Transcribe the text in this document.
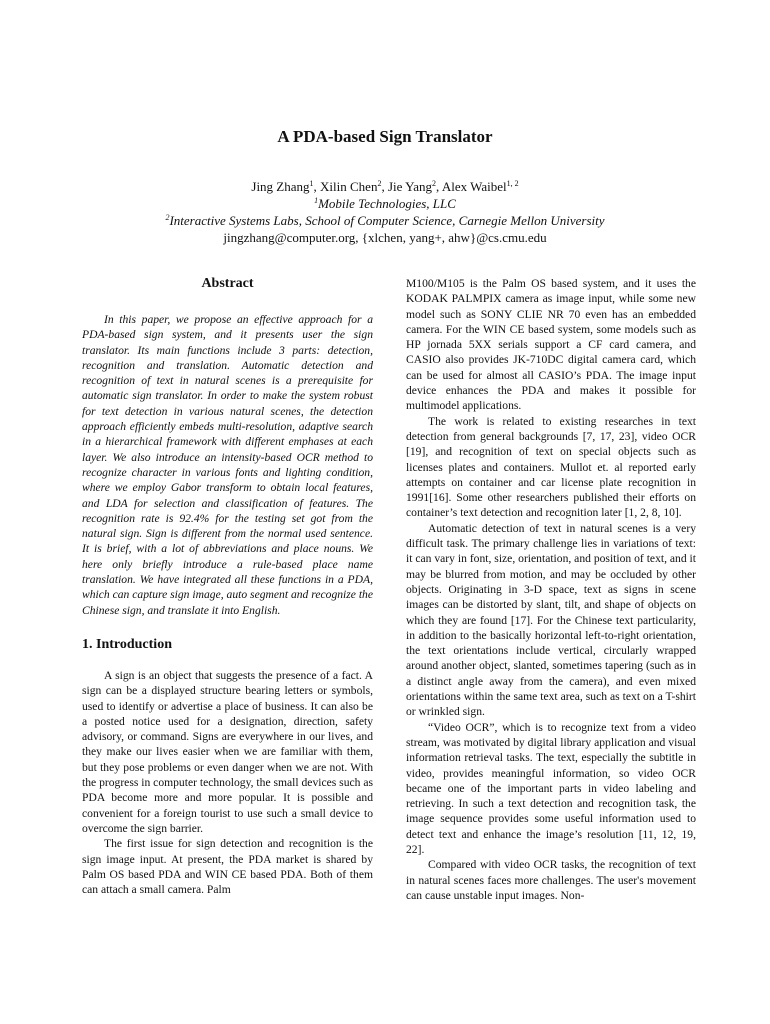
A PDA-based Sign Translator
Jing Zhang$^1$, Xilin Chen$^2$, Jie Yang$^2$, Alex Waibel$^{1, 2}$
$^1$Mobile Technologies, LLC
$^2$Interactive Systems Labs, School of Computer Science, Carnegie Mellon University
jingzhang@computer.org, {xlchen, yang+, ahw}@cs.cmu.edu
Abstract

In this paper, we propose an effective approach for a PDA-based sign system, and it presents user the sign translator. Its main functions include 3 parts: detection, recognition and translation. Automatic detection and recognition of text in natural scenes is a prerequisite for automatic sign translator. In order to make the system robust for text detection in various natural scenes, the detection approach efficiently embeds multi-resolution, adaptive search in a hierarchical framework with different emphases at each layer. We also introduce an intensity-based OCR method to recognize character in various fonts and lighting condition, where we employ Gabor transform to obtain local features, and LDA for selection and classification of features. The recognition rate is 92.4% for the testing set got from the natural sign. Sign is different from the normal used sentence. It is brief, with a lot of abbreviations and place nouns. We here only briefly introduce a rule-based place name translation. We have integrated all these functions in a PDA, which can capture sign image, auto segment and recognize the Chinese sign, and translate it into English.

1. Introduction

A sign is an object that suggests the presence of a fact. A sign can be a displayed structure bearing letters or symbols, used to identify or advertise a place of business. It can also be a posted notice used for a designation, direction, safety advisory, or command. Signs are everywhere in our lives, and they make our lives easier when we are familiar with them, but they pose problems or even danger when we are not. With the progress in computer technology, the small devices such as PDA become more and more popular. It is possible and convenient for a foreign tourist to use such a small device to overcome the sign barrier.

The first issue for sign detection and recognition is the sign image input. At present, the PDA market is shared by Palm OS based PDA and WIN CE based PDA. Both of them can attach a small camera. Palm

M100/M105 is the Palm OS based system, and it uses the KODAK PALMPIX camera as image input, while some new model such as SONY CLIE NR 70 even has an embedded camera. For the WIN CE based system, some models such as HP jornada 5XX serials support a CF card camera, and CASIO also provides JK-710DC digital camera card, which can be used for almost all CASIO’s PDA. The image input device enhances the PDA and makes it possible for multimodel applications.

The work is related to existing researches in text detection from general backgrounds [7, 17, 23], video OCR [19], and recognition of text on special objects such as licenses plates and containers. Mullot et. al reported early attempts on container and car license plate recognition in 1991[16]. Some other researchers published their efforts on container’s text detection and recognition later [1, 2, 8, 10].

Automatic detection of text in natural scenes is a very difficult task. The primary challenge lies in variations of text: it can vary in font, size, orientation, and position of text, and it may be blurred from motion, and may be occluded by other objects. Originating in 3-D space, text as signs in scene images can be distorted by slant, tilt, and shape of objects on which they are found [17]. For the Chinese text particularity, in addition to the basically horizontal left-to-right orientation, the text orientations include vertical, circularly wrapped around another object, slanted, sometimes tapering (such as in a distinct angle away from the camera), and even mixed orientations within the same text area, such as text on a T-shirt or wrinkled sign.

“Video OCR”, which is to recognize text from a video stream, was motivated by digital library application and visual information retrieval tasks. The text, especially the subtitle in video, provides meaningful information, so video OCR became one of the important parts in video labeling and retrieving. In such a text detection and recognition task, the image sequence provides some useful information used to detect text and enhance the image’s resolution [11, 12, 19, 22].

Compared with video OCR tasks, the recognition of text in natural scenes faces more challenges. The user's movement can cause unstable input images. Non-
